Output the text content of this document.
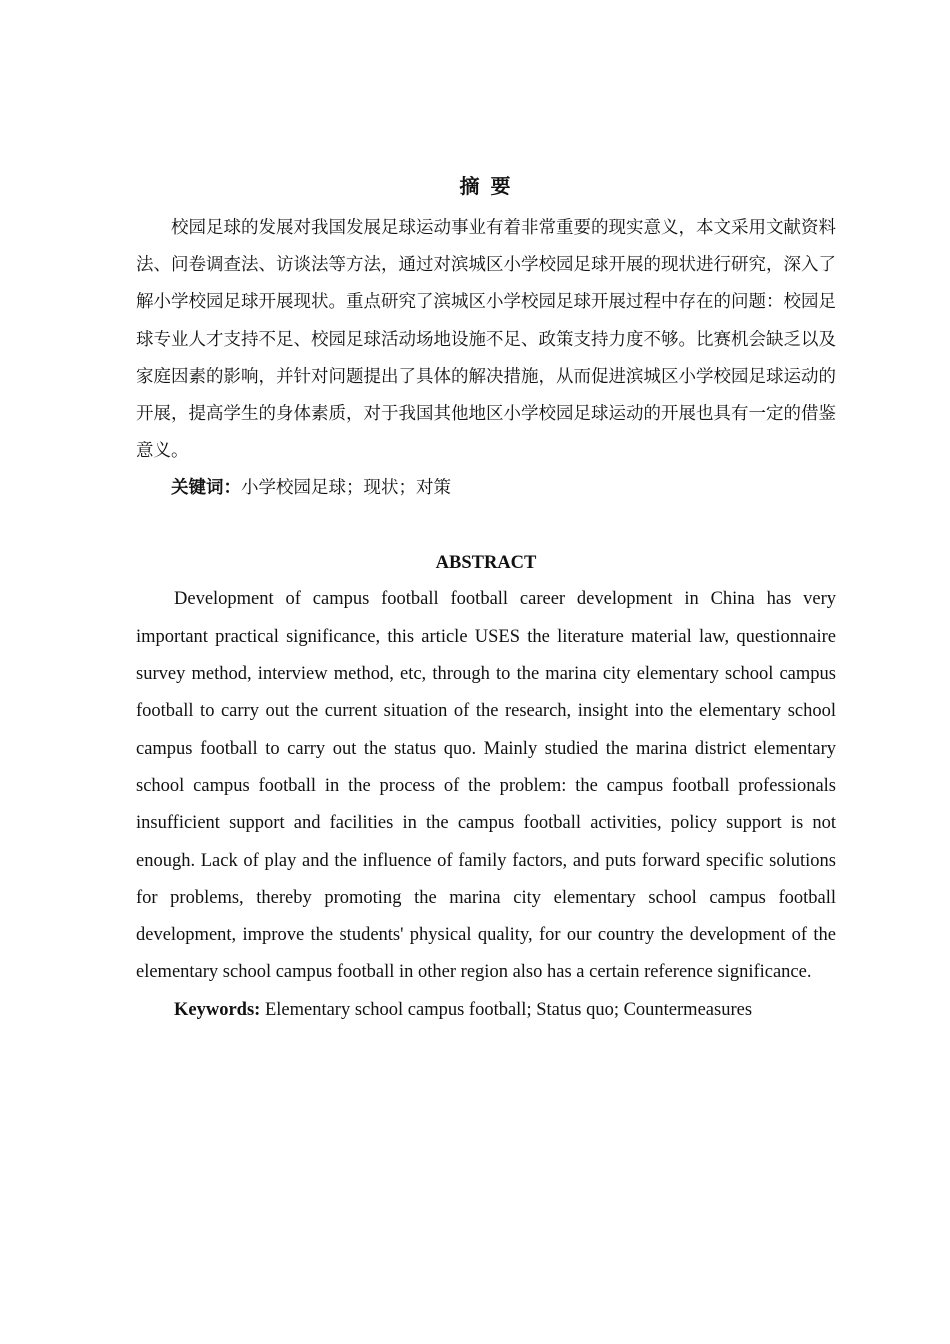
摘 要

校园足球的发展对我国发展足球运动事业有着非常重要的现实意义，本文采用文献资料法、问卷调查法、访谈法等方法，通过对滨城区小学校园足球开展的现状进行研究，深入了解小学校园足球开展现状。重点研究了滨城区小学校园足球开展过程中存在的问题：校园足球专业人才支持不足、校园足球活动场地设施不足、政策支持力度不够。比赛机会缺乏以及家庭因素的影响，并针对问题提出了具体的解决措施，从而促进滨城区小学校园足球运动的开展，提高学生的身体素质，对于我国其他地区小学校园足球运动的开展也具有一定的借鉴意义。

关键词：小学校园足球；现状；对策

ABSTRACT

Development of campus football football career development in China has very important practical significance, this article USES the literature material law, questionnaire survey method, interview method, etc, through to the marina city elementary school campus football to carry out the current situation of the research, insight into the elementary school campus football to carry out the status quo. Mainly studied the marina district elementary school campus football in the process of the problem: the campus football professionals insufficient support and facilities in the campus football activities, policy support is not enough. Lack of play and the influence of family factors, and puts forward specific solutions for problems, thereby promoting the marina city elementary school campus football development, improve the students' physical quality, for our country the development of the elementary school campus football in other region also has a certain reference significance.

Keywords: Elementary school campus football; Status quo; Countermeasures
